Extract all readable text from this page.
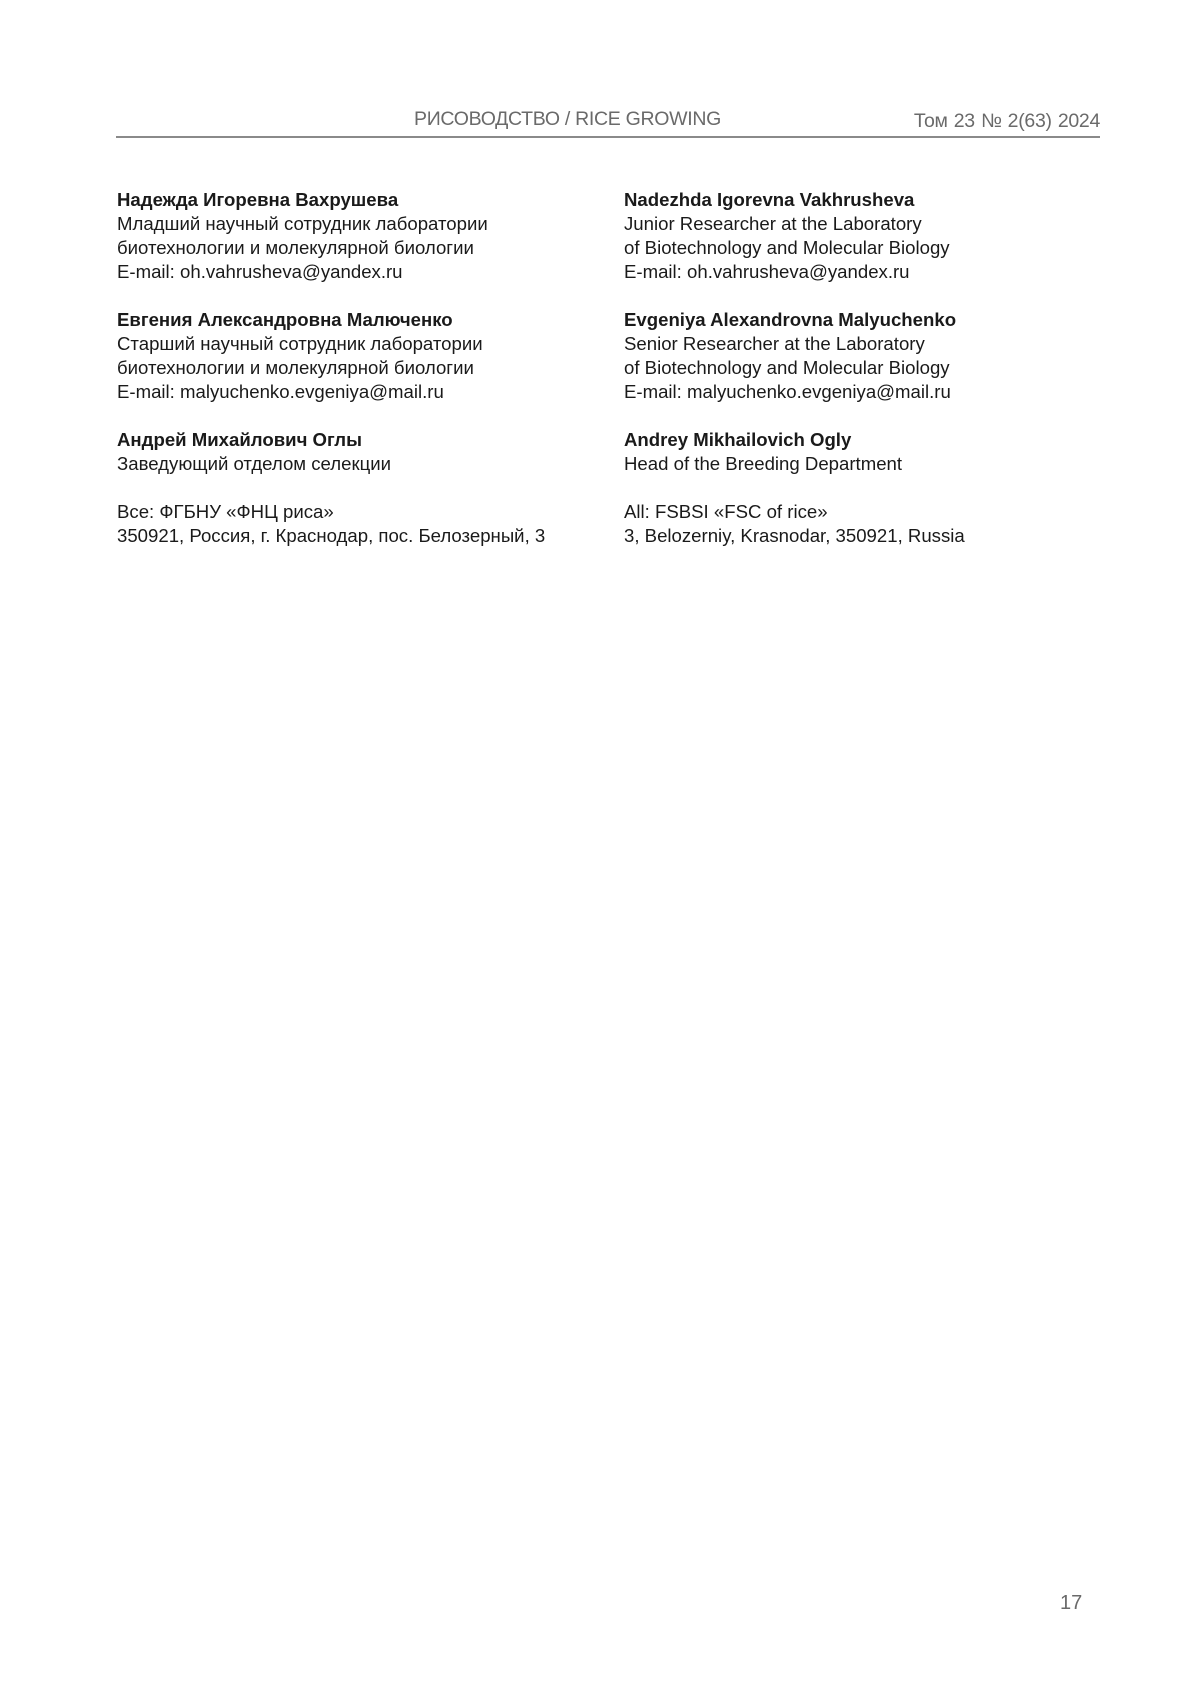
РИСОВОДСТВО / RICE GROWING	Том 23 № 2(63) 2024
Надежда Игоревна Вахрушева
Младший научный сотрудник лаборатории
биотехнологии и молекулярной биологии
E-mail: oh.vahrusheva@yandex.ru
Евгения Александровна Малюченко
Старший научный сотрудник лаборатории
биотехнологии и молекулярной биологии
E-mail: malyuchenko.evgeniya@mail.ru
Андрей Михайлович Оглы
Заведующий отделом селекции
Все: ФГБНУ «ФНЦ риса»
350921, Россия, г. Краснодар, пос. Белозерный, 3
Nadezhda Igorevna Vakhrusheva
Junior Researcher at the Laboratory
of Biotechnology and Molecular Biology
E-mail: oh.vahrusheva@yandex.ru
Evgeniya Alexandrovna Malyuchenko
Senior Researcher at the Laboratory
of Biotechnology and Molecular Biology
E-mail: malyuchenko.evgeniya@mail.ru
Andrey Mikhailovich Ogly
Head of the Breeding Department
All: FSBSI «FSC of rice»
3, Belozerniy, Krasnodar, 350921, Russia
17
